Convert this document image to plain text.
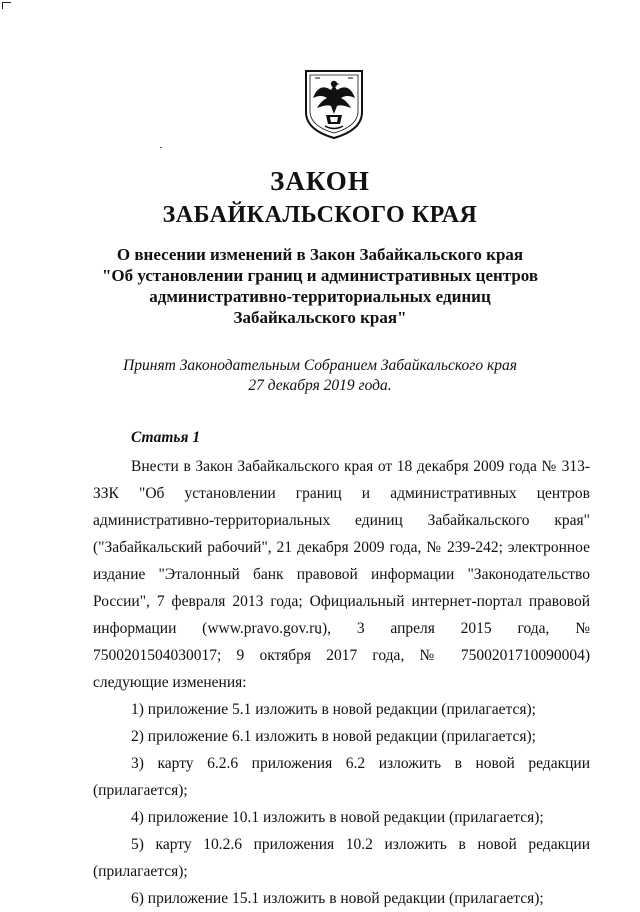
ЗАКОН
ЗАБАЙКАЛЬСКОГО КРАЯ
О внесении изменений в Закон Забайкальского края
"Об установлении границ и административных центров
административно-территориальных единиц
Забайкальского края"
Принят Законодательным Собранием Забайкальского края
27 декабря 2019 года.
Статья 1

Внести в Закон Забайкальского края от 18 декабря 2009 года № 313-ЗЗК "Об установлении границ и административных центров административно-территориальных единиц Забайкальского края" ("Забайкальский рабочий", 21 декабря 2009 года, № 239-242; электронное издание "Эталонный банк правовой информации "Законодательство России", 7 февраля 2013 года; Официальный интернет-портал правовой информации (www.pravo.gov.ru), 3 апреля 2015 года, № 7500201504030017; 9 октября 2017 года, № 7500201710090004) следующие изменения:

1) приложение 5.1 изложить в новой редакции (прилагается);
2) приложение 6.1 изложить в новой редакции (прилагается);
3) карту 6.2.6 приложения 6.2 изложить в новой редакции (прилагается);
4) приложение 10.1 изложить в новой редакции (прилагается);
5) карту 10.2.6 приложения 10.2 изложить в новой редакции (прилагается);
6) приложение 15.1 изложить в новой редакции (прилагается);
